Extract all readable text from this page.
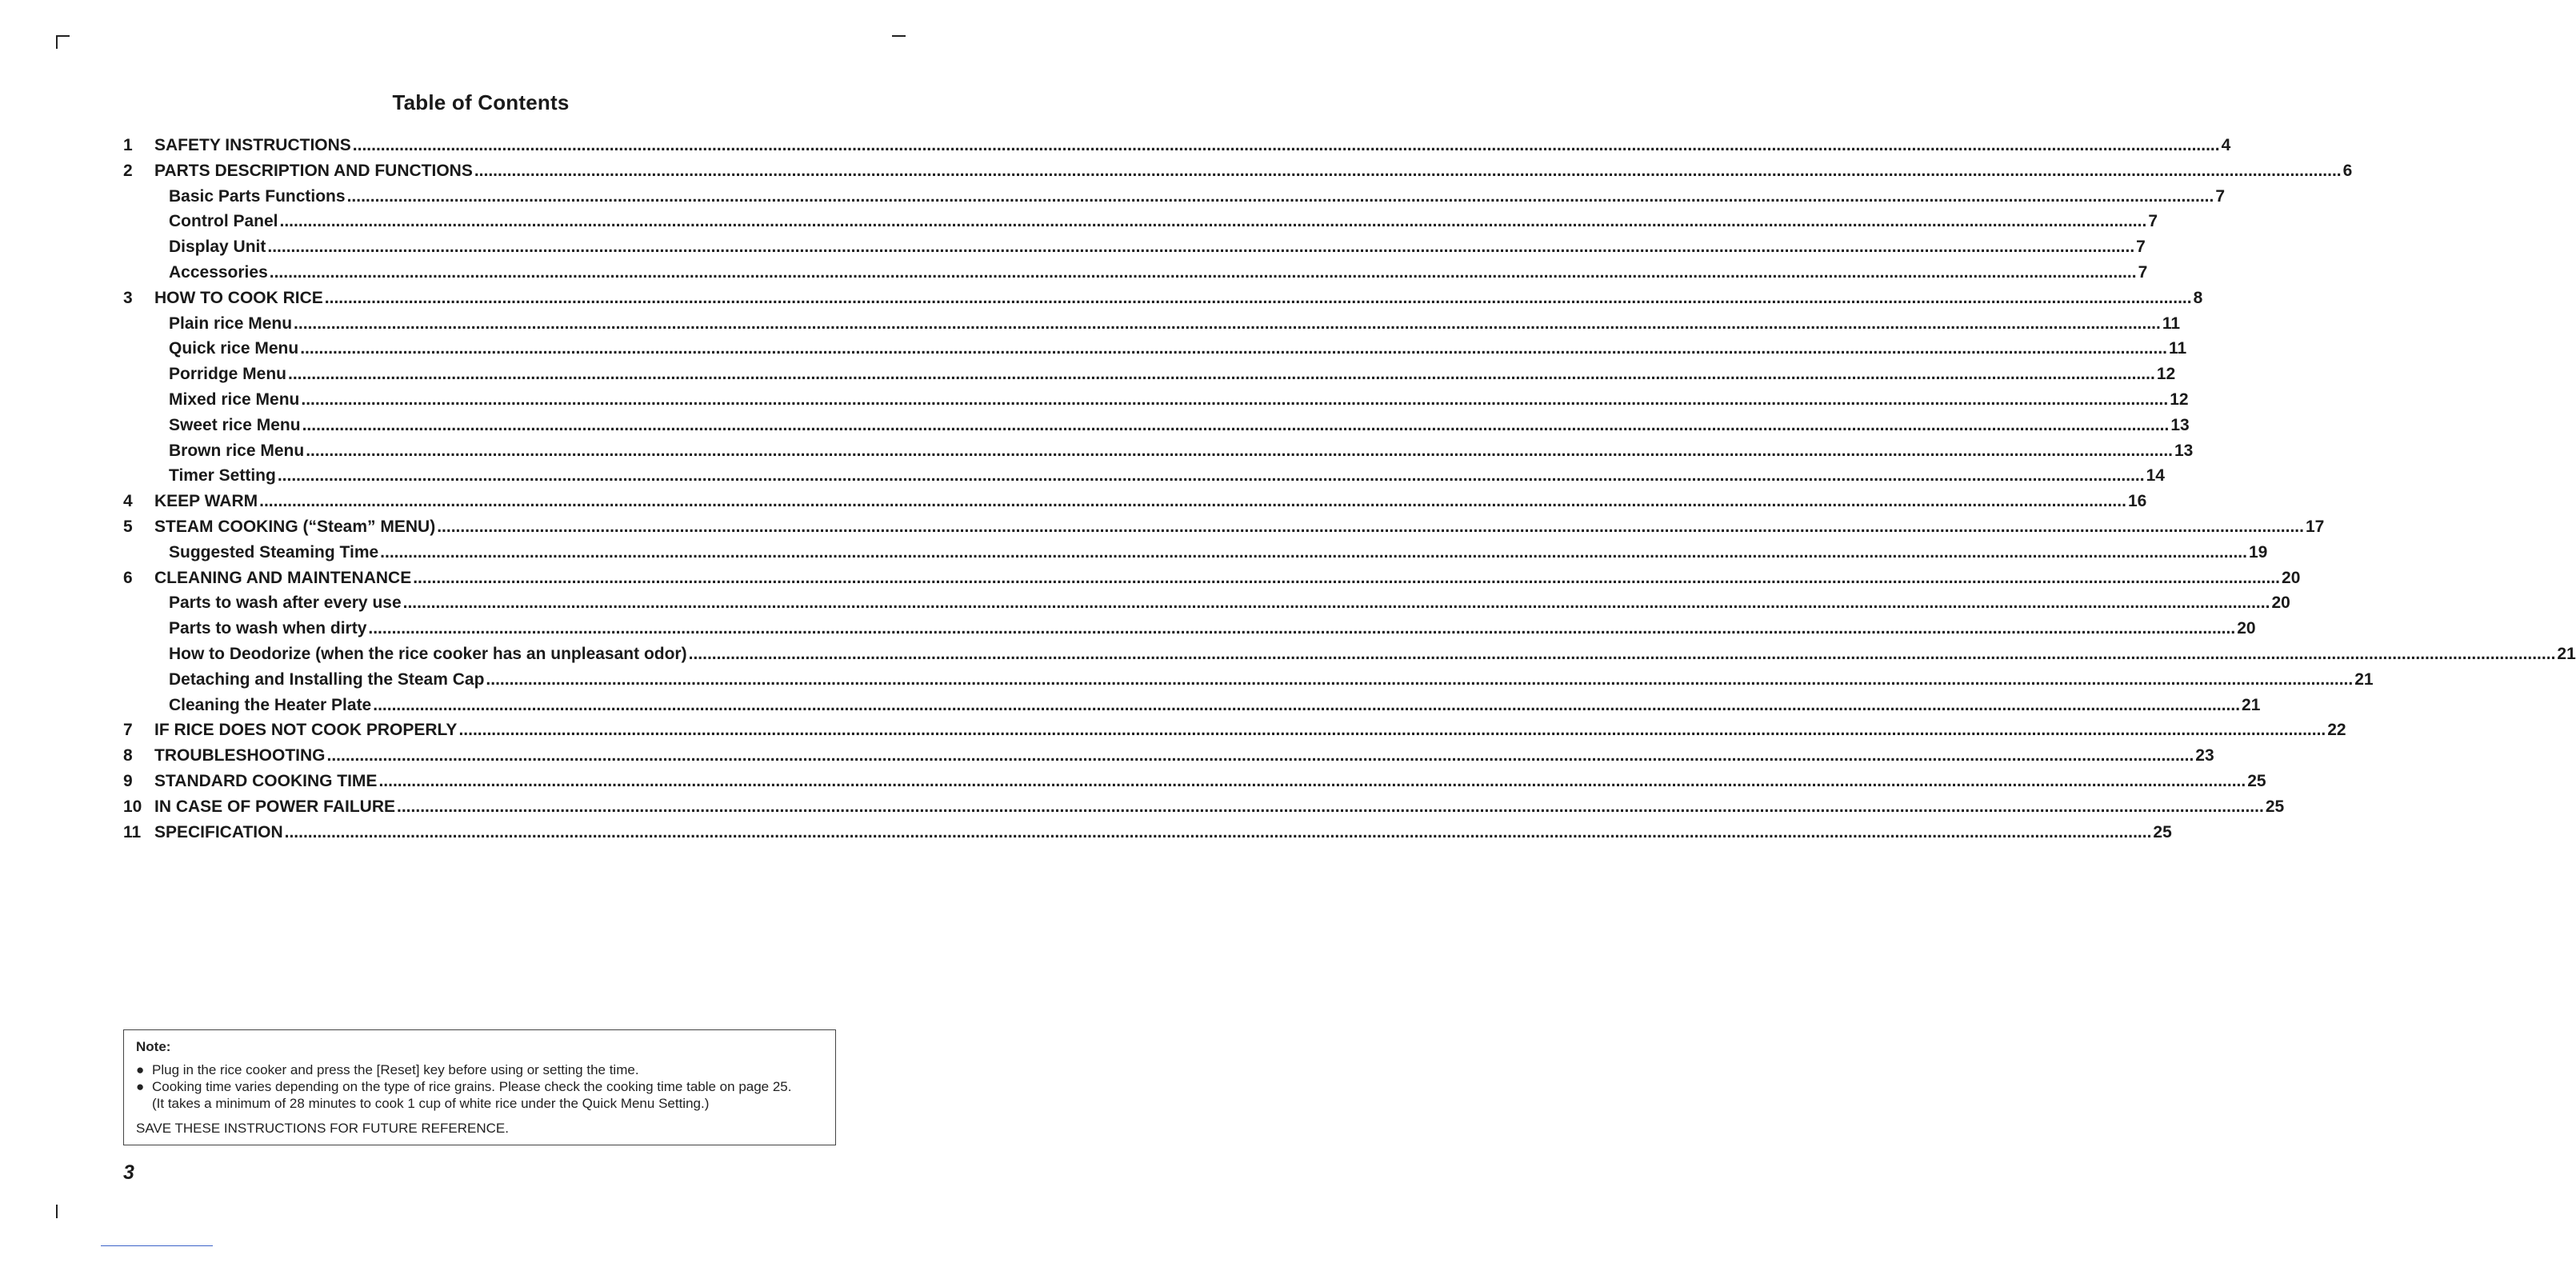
Table of Contents
1	SAFETY INSTRUCTIONS ................................................................................................................................................................................................................................................................................................................................................................................................................ 4
2	PARTS DESCRIPTION AND FUNCTIONS ................................................................................................................................................................................................................................................................................................................................................................................................................ 6
Basic Parts Functions ................................................................................................................................................................................................................................................................................................................................................................................................................ 7
Control Panel ................................................................................................................................................................................................................................................................................................................................................................................................................ 7
Display Unit ................................................................................................................................................................................................................................................................................................................................................................................................................ 7
Accessories ................................................................................................................................................................................................................................................................................................................................................................................................................ 7
3	HOW TO COOK RICE ................................................................................................................................................................................................................................................................................................................................................................................................................ 8
Plain rice Menu ................................................................................................................................................................................................................................................................................................................................................................................................................ 11
Quick rice Menu ................................................................................................................................................................................................................................................................................................................................................................................................................ 11
Porridge Menu ................................................................................................................................................................................................................................................................................................................................................................................................................ 12
Mixed rice Menu ................................................................................................................................................................................................................................................................................................................................................................................................................ 12
Sweet rice Menu ................................................................................................................................................................................................................................................................................................................................................................................................................ 13
Brown rice Menu ................................................................................................................................................................................................................................................................................................................................................................................................................ 13
Timer Setting ................................................................................................................................................................................................................................................................................................................................................................................................................ 14
4	KEEP WARM ................................................................................................................................................................................................................................................................................................................................................................................................................ 16
5	STEAM COOKING (“Steam” MENU) ................................................................................................................................................................................................................................................................................................................................................................................................................ 17
Suggested Steaming Time ................................................................................................................................................................................................................................................................................................................................................................................................................ 19
6	CLEANING AND MAINTENANCE ................................................................................................................................................................................................................................................................................................................................................................................................................ 20
Parts to wash after every use ................................................................................................................................................................................................................................................................................................................................................................................................................ 20
Parts to wash when dirty ................................................................................................................................................................................................................................................................................................................................................................................................................ 20
How to Deodorize (when the rice cooker has an unpleasant odor) ................................................................................................................................................................................................................................................................................................................................................................................................................ 21
Detaching and Installing the Steam Cap ................................................................................................................................................................................................................................................................................................................................................................................................................ 21
Cleaning the Heater Plate ................................................................................................................................................................................................................................................................................................................................................................................................................ 21
7	IF RICE DOES NOT COOK PROPERLY ................................................................................................................................................................................................................................................................................................................................................................................................................ 22
8	TROUBLESHOOTING ................................................................................................................................................................................................................................................................................................................................................................................................................ 23
9	STANDARD COOKING TIME ................................................................................................................................................................................................................................................................................................................................................................................................................ 25
10 IN CASE OF POWER FAILURE ................................................................................................................................................................................................................................................................................................................................................................................................................ 25
11 SPECIFICATION ................................................................................................................................................................................................................................................................................................................................................................................................................ 25
Note:
● Plug in the rice cooker and press the [Reset] key before using or setting the time.
● Cooking time varies depending on the type of rice grains. Please check the cooking time table on page 25.
(It takes a minimum of 28 minutes to cook 1 cup of white rice under the Quick Menu Setting.)
SAVE THESE INSTRUCTIONS FOR FUTURE REFERENCE.
3
